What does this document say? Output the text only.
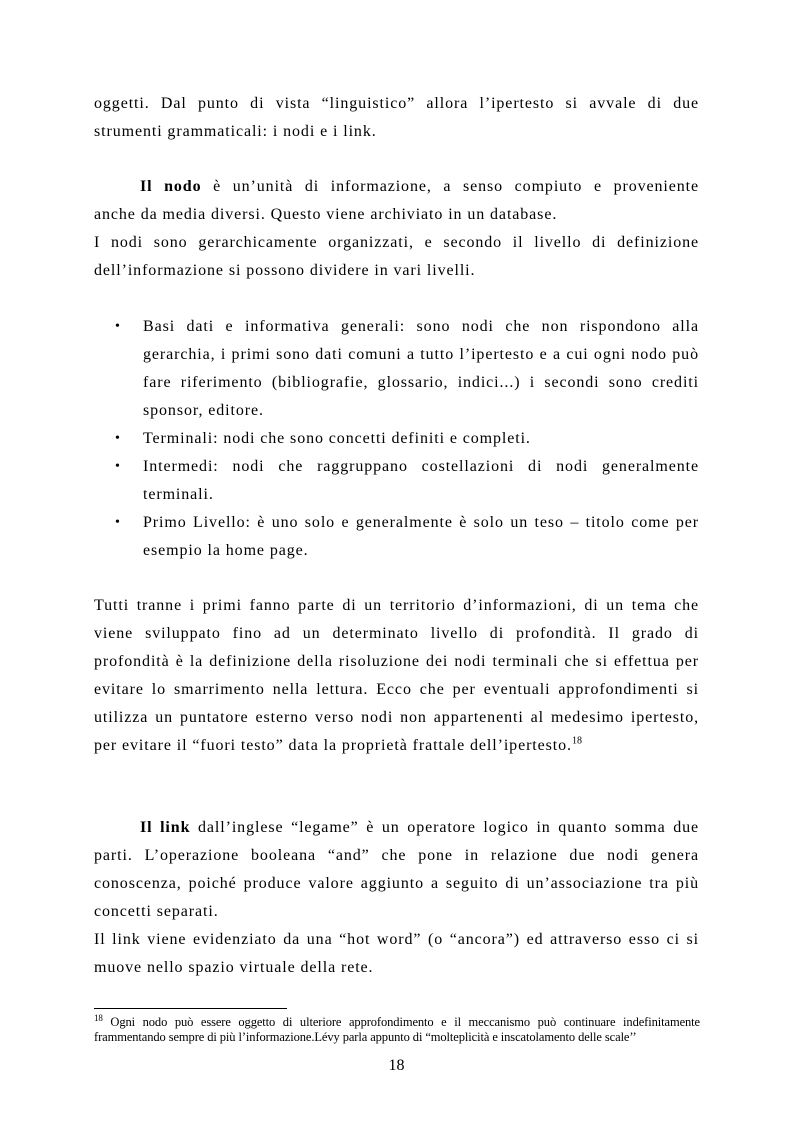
oggetti. Dal punto di vista “linguistico” allora l’ipertesto si avvale di due
strumenti grammaticali: i nodi e i link.
Il nodo è un’unità di informazione, a senso compiuto e proveniente
anche da media diversi. Questo viene archiviato in un database.
I nodi sono gerarchicamente organizzati, e secondo il livello di definizione
dell’informazione si possono dividere in vari livelli.
• Basi dati e informativa generali: sono nodi che non rispondono alla gerarchia, i primi sono dati comuni a tutto l’ipertesto e a cui ogni nodo può fare riferimento (bibliografie, glossario, indici...) i secondi sono crediti sponsor, editore.
• Terminali: nodi che sono concetti definiti e completi.
• Intermedi: nodi che raggruppano costellazioni di nodi generalmente terminali.
• Primo Livello: è uno solo e generalmente è solo un teso – titolo come per esempio la home page.

Tutti tranne i primi fanno parte di un territorio d’informazioni, di un tema che viene sviluppato fino ad un determinato livello di profondità. Il grado di profondità è la definizione della risoluzione dei nodi terminali che si effettua per evitare lo smarrimento nella lettura. Ecco che per eventuali approfondimenti si utilizza un puntatore esterno verso nodi non appartenenti al medesimo ipertesto, per evitare il “fuori testo” data la proprietà frattale dell’ipertesto.$^{18}$

Il link dall’inglese “legame” è un operatore logico in quanto somma due parti. L’operazione booleana “and” che pone in relazione due nodi genera conoscenza, poiché produce valore aggiunto a seguito di un’associazione tra più concetti separati.
Il link viene evidenziato da una “hot word” (o “ancora”) ed attraverso esso ci si muove nello spazio virtuale della rete.

$^{18}$ Ogni nodo può essere oggetto di ulteriore approfondimento e il meccanismo può continuare indefinitamente frammentando sempre di più l’informazione.Lévy parla appunto di “molteplicità e inscatolamento delle scale’’

18
